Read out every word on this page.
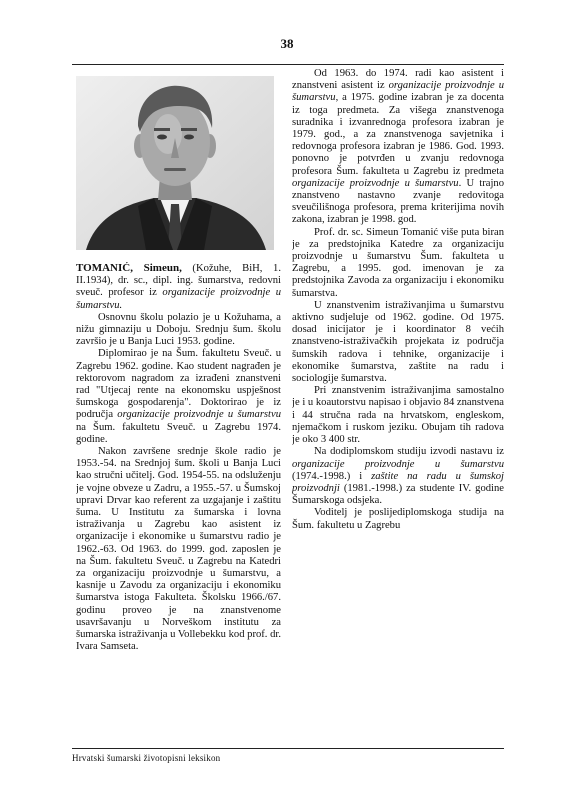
38

TOMANIĆ, Simeun, (Kožuhe, BiH, 1. II.1934), dr. sc., dipl. ing. šumarstva, redovni sveuč. profesor iz organizacije proizvodnje u šumarstvu.

Osnovnu školu polazio je u Kožuhama, a nižu gimnaziju u Doboju. Srednju šum. školu završio je u Banja Luci 1953. godine.

Diplomirao je na Šum. fakultetu Sveuč. u Zagrebu 1962. godine. Kao student nagrađen je rektorovom nagradom za izrađeni znanstveni rad "Utjecaj rente na ekonomsku uspješnost šumskoga gospodarenja". Doktorirao je iz područja organizacije proizvodnje u šumarstvu na Šum. fakultetu Sveuč. u Zagrebu 1974. godine.

Nakon završene srednje škole radio je 1953.-54. na Srednjoj šum. školi u Banja Luci kao stručni učitelj. God. 1954-55. na odsluženju je vojne obveze u Zadru, a 1955.-57. u Šumskoj upravi Drvar kao referent za uzgajanje i zaštitu šuma. U Institutu za šumarska i lovna istraživanja u Zagrebu kao asistent iz organizacije i ekonomike u šumarstvu radio je 1962.-63. Od 1963. do 1999. god. zaposlen je na Šum. fakultetu Sveuč. u Zagrebu na Katedri za organizaciju proizvodnje u šumarstvu, a kasnije u Zavodu za organizaciju i ekonomiku šumarstva istoga Fakulteta. Školsku 1966./67. godinu proveo je na znanstvenome usavršavanju u Norveškom institutu za šumarska istraživanja u Vollebekku kod prof. dr. Ivara Samseta.

Od 1963. do 1974. radi kao asistent i znanstveni asistent iz organizacije proizvodnje u šumarstvu, a 1975. godine izabran je za docenta iz toga predmeta. Za višega znanstvenoga suradnika i izvanrednoga profesora izabran je 1979. god., a za znanstvenoga savjetnika i redovnoga profesora izabran je 1986. God. 1993. ponovno je potvrđen u zvanju redovnoga profesora Šum. fakulteta u Zagrebu iz predmeta organizacije proizvodnje u šumarstvu. U trajno znanstveno nastavno zvanje redovitoga sveučilišnoga profesora, prema kriterijima novih zakona, izabran je 1998. god.

Prof. dr. sc. Simeun Tomanić više puta biran je za predstojnika Katedre za organizaciju proizvodnje u šumarstvu Šum. fakulteta u Zagrebu, a 1995. god. imenovan je za predstojnika Zavoda za organizaciju i ekonomiku šumarstva.

U znanstvenim istraživanjima u šumarstvu aktivno sudjeluje od 1962. godine. Od 1975. dosad inicijator je i koordinator 8 većih znanstveno-istraživačkih projekata iz područja šumskih radova i tehnike, organizacije i ekonomike šumarstva, zaštite na radu i sociologije šumarstva.

Pri znanstvenim istraživanjima samostalno je i u koautorstvu napisao i objavio 84 znanstvena i 44 stručna rada na hrvatskom, engleskom, njemačkom i ruskom jeziku. Obujam tih radova je oko 3 400 str.

Na dodiplomskom studiju izvodi nastavu iz organizacije proizvodnje u šumarstvu (1974.-1998.) i zaštite na radu u šumskoj proizvodnji (1981.-1998.) za studente IV. godine Šumarskoga odsjeka.

Voditelj je poslijediplomskoga studija na Šum. fakultetu u Zagrebu

Hrvatski šumarski životopisni leksikon
